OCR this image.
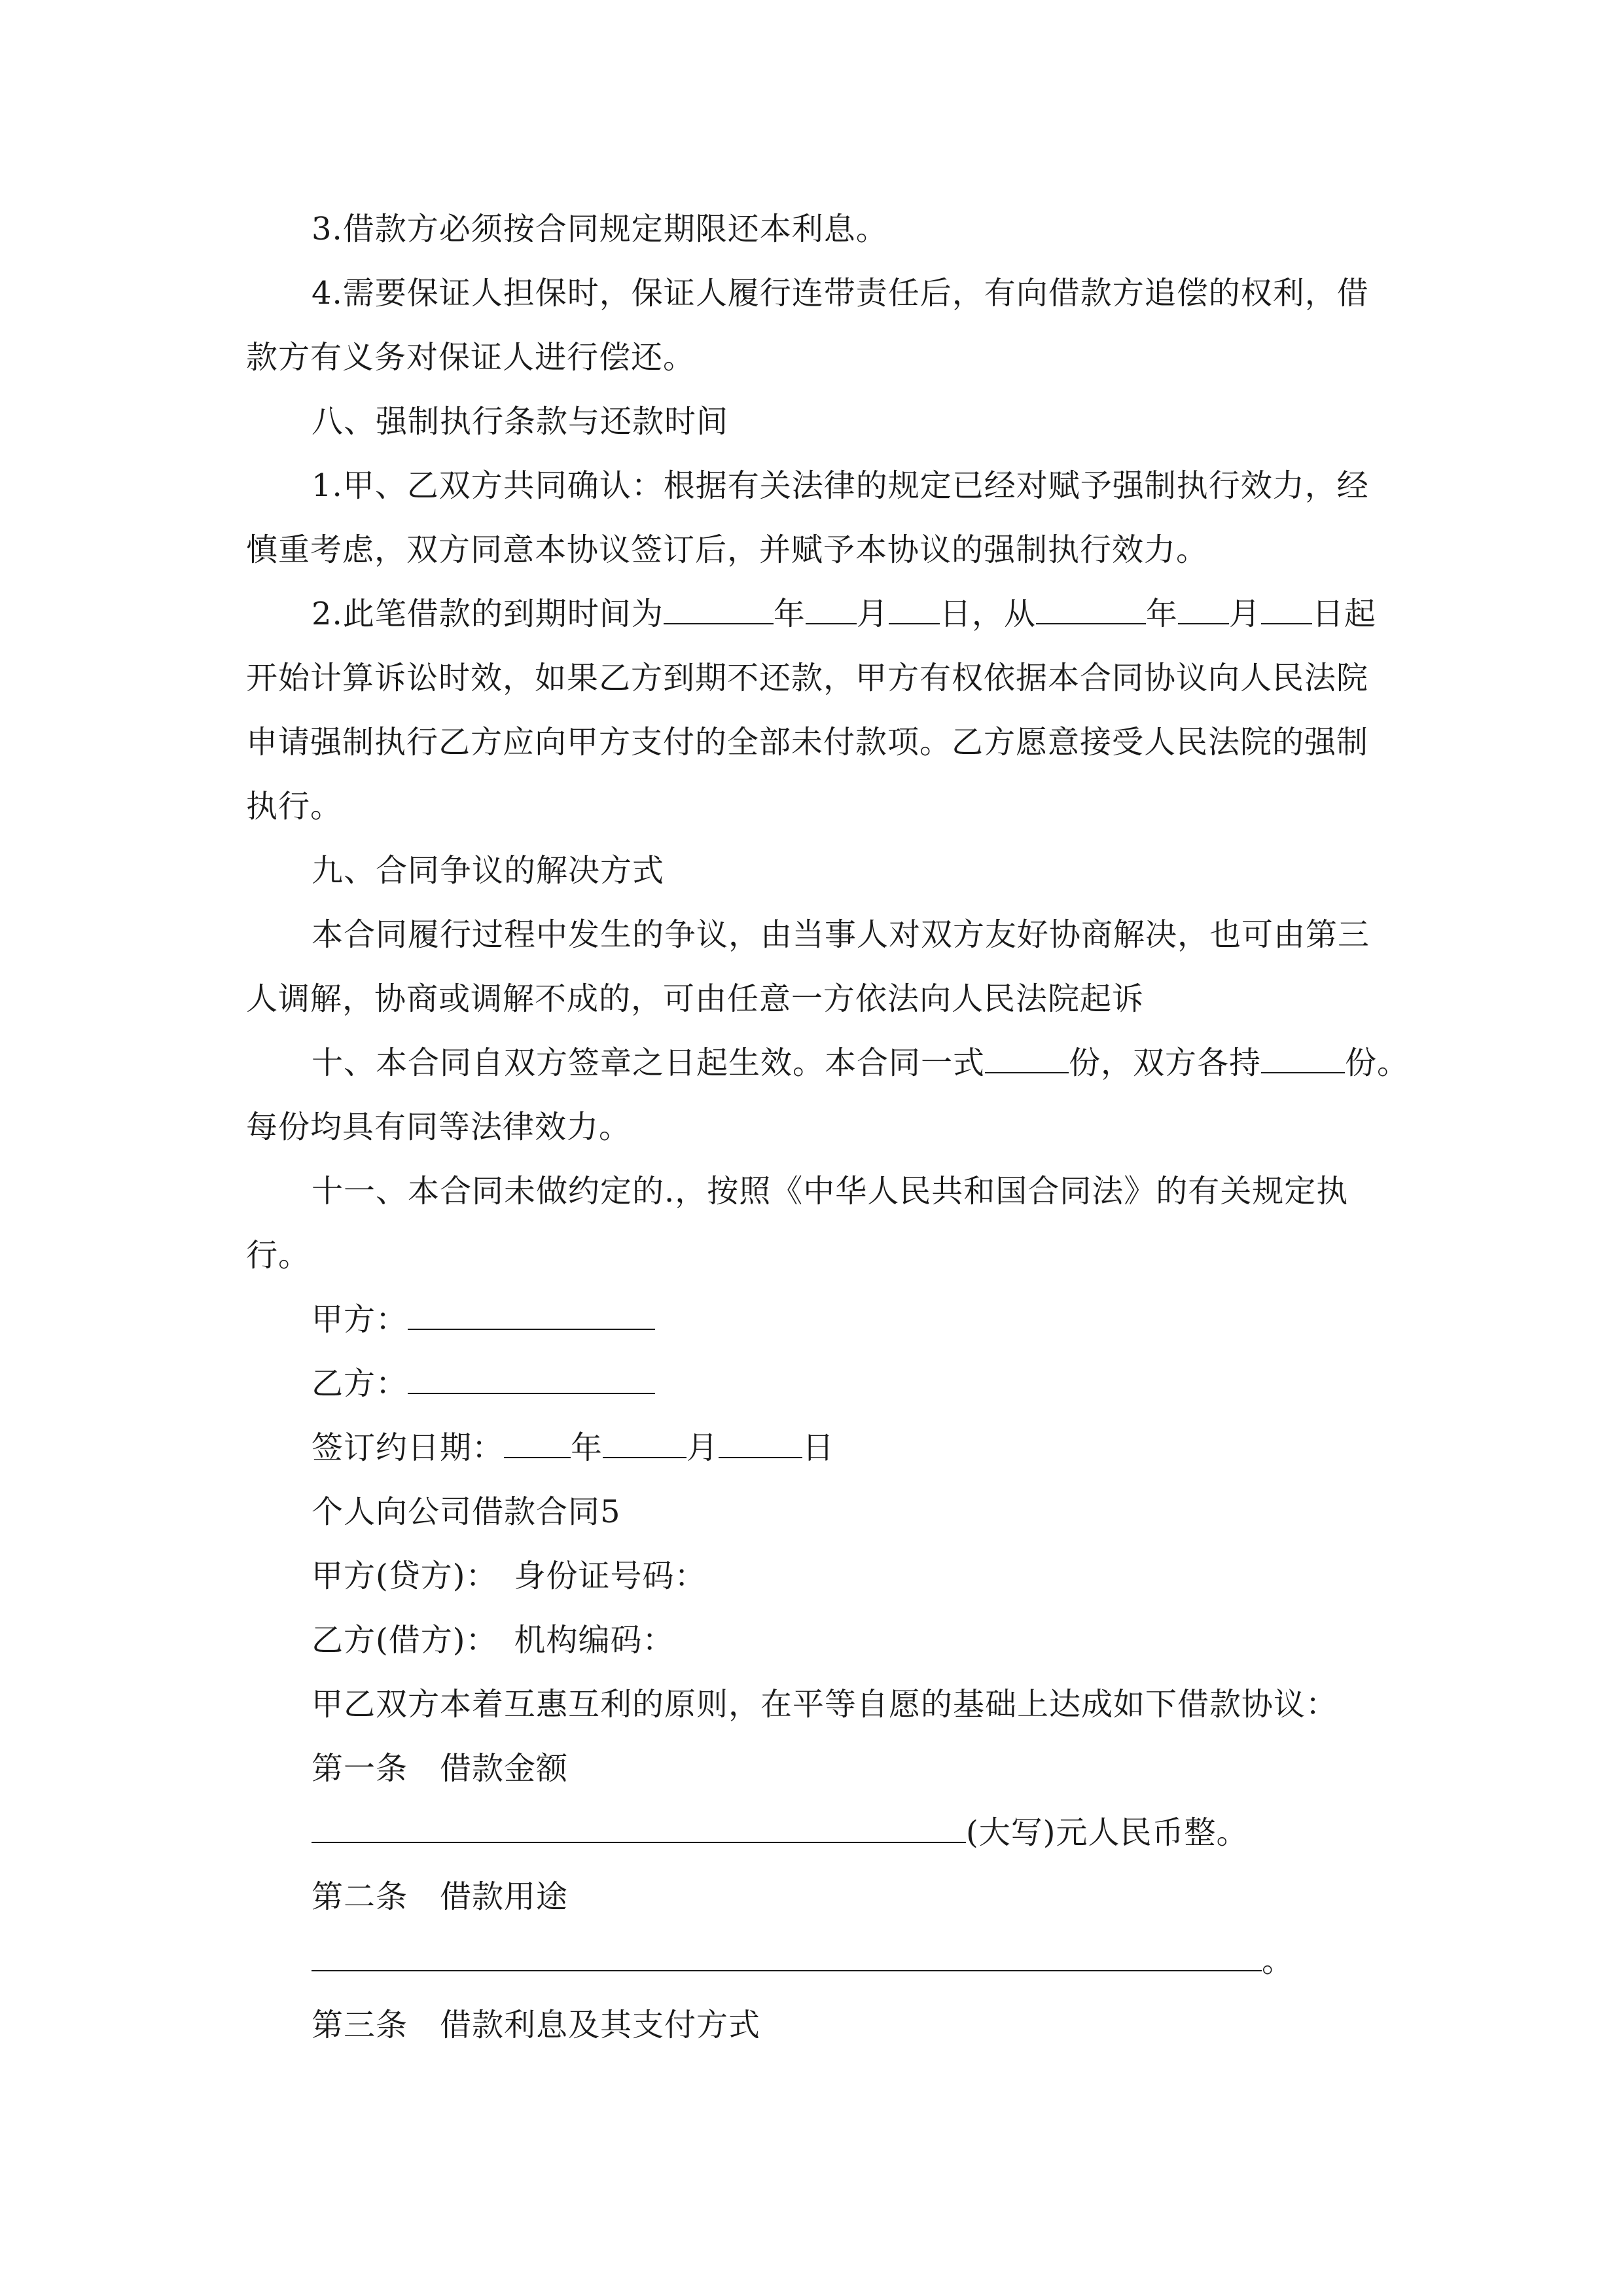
3.借款方必须按合同规定期限还本利息。
4.需要保证人担保时，保证人履行连带责任后，有向借款方追偿的权利，借
款方有义务对保证人进行偿还。
八、强制执行条款与还款时间
1.甲、乙双方共同确认：根据有关法律的规定已经对赋予强制执行效力，经
慎重考虑，双方同意本协议签订后，并赋予本协议的强制执行效力。
2.此笔借款的到期时间为	年 月 日，从	年 月 日起
开始计算诉讼时效，如果乙方到期不还款，甲方有权依据本合同协议向人民法院
申请强制执行乙方应向甲方支付的全部未付款项。乙方愿意接受人民法院的强制
执行。
九、合同争议的解决方式
本合同履行过程中发生的争议，由当事人对双方友好协商解决，也可由第三
人调解，协商或调解不成的，可由任意一方依法向人民法院起诉
十、本合同自双方签章之日起生效。本合同一式	份，双方各持	份。
每份均具有同等法律效力。
十一、本合同未做约定的.，按照《中华人民共和国合同法》的有关规定执
行。
甲方：
乙方：
签订约日期： 年	月	日
个人向公司借款合同5
甲方(贷方)：　身份证号码：
乙方(借方)：　机构编码：
甲乙双方本着互惠互利的原则，在平等自愿的基础上达成如下借款协议：
第一条　借款金额
(大写)元人民币整。
第二条　借款用途
。
第三条　借款利息及其支付方式
